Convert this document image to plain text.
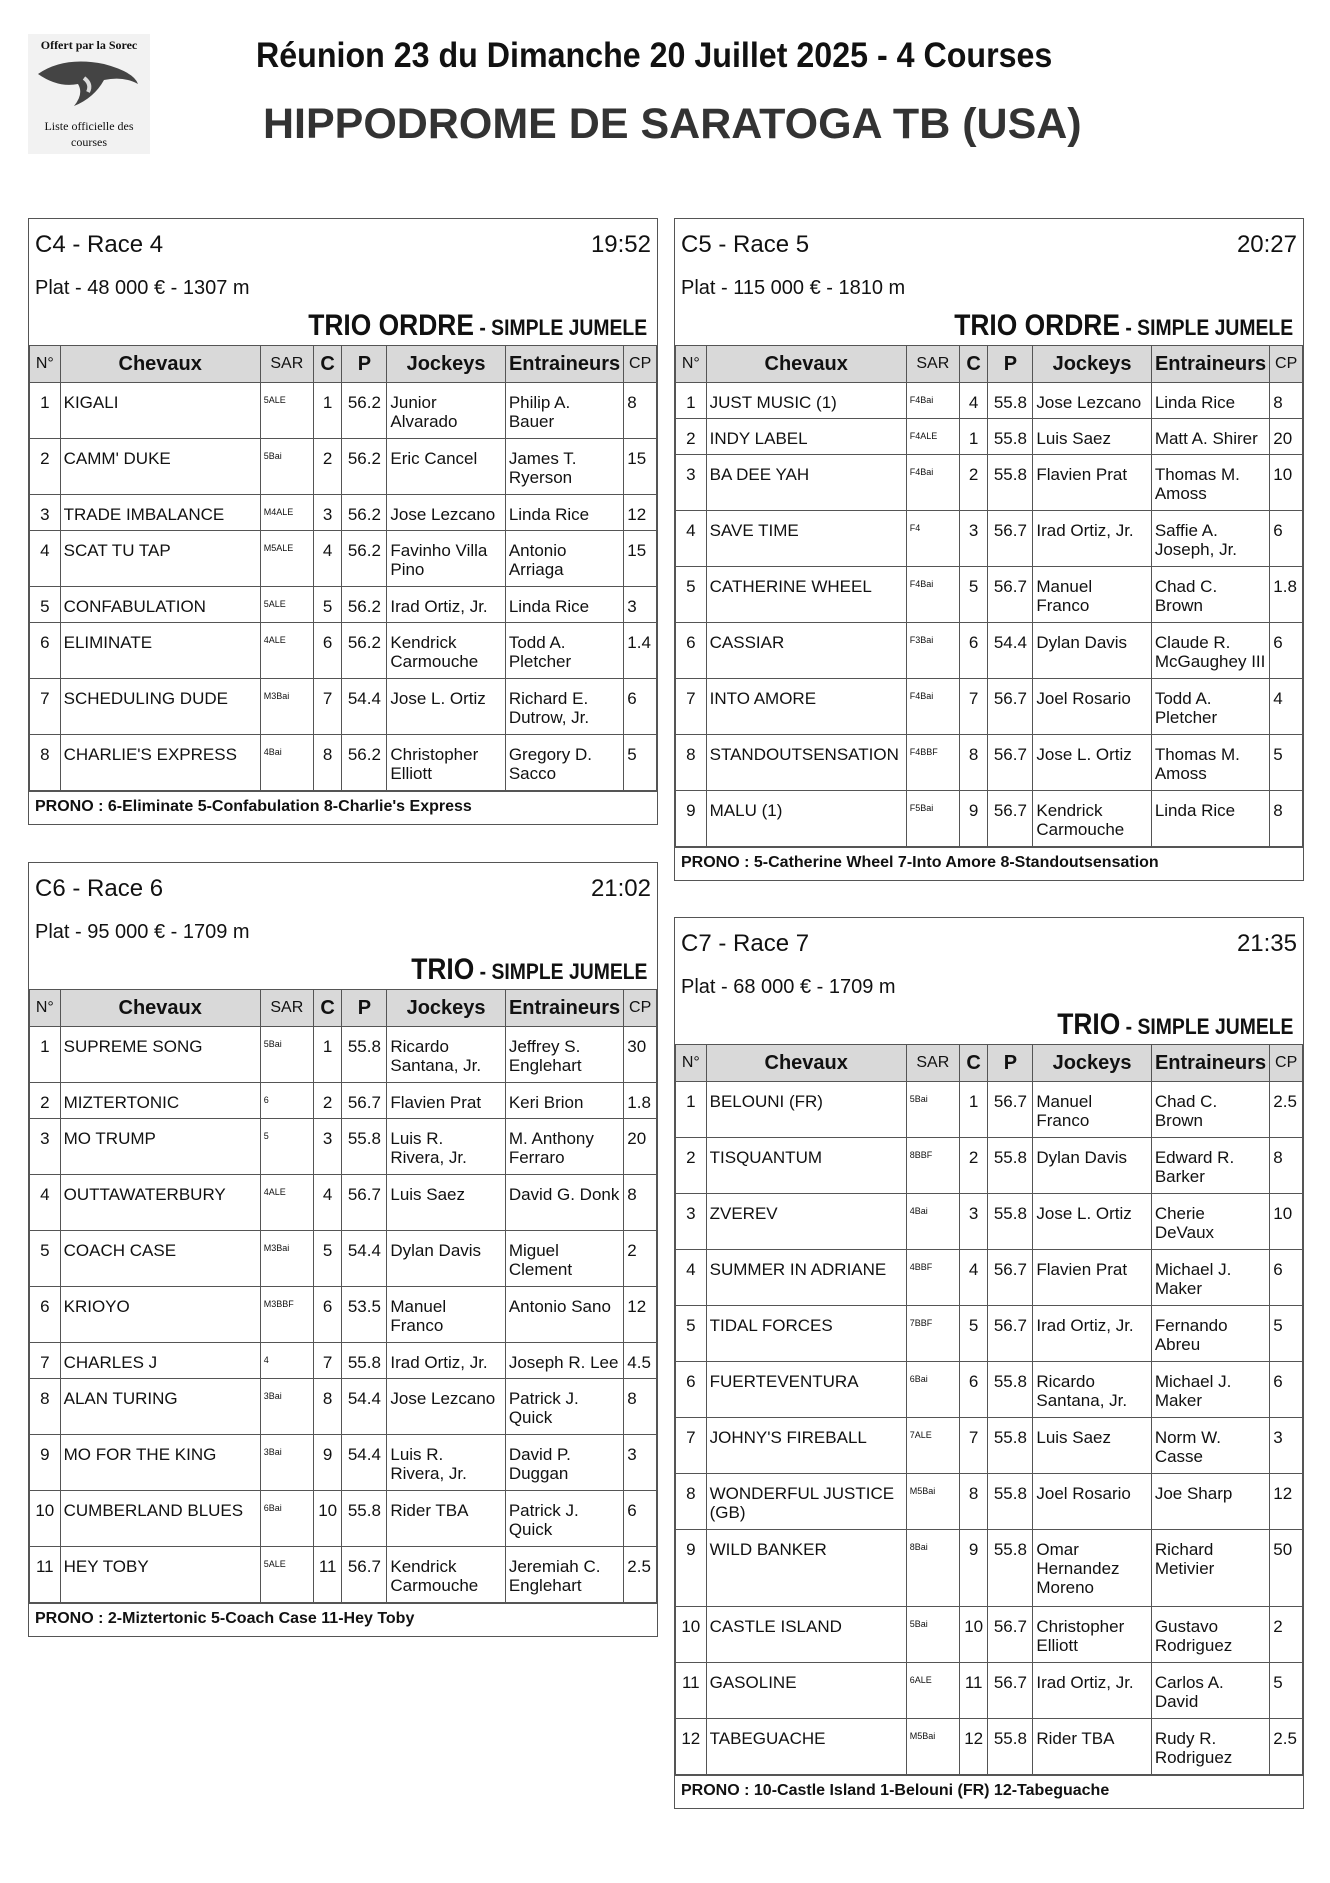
Offert par la Sorec
Liste officielle des courses
Réunion 23 du Dimanche 20 Juillet 2025 - 4 Courses
HIPPODROME DE SARATOGA TB (USA)
C4 - Race 4	19:52
Plat - 48 000 € - 1307 m
TRIO ORDRE - SIMPLE JUMELE
N°	Chevaux	SAR	C	P	Jockeys	Entraineurs	CP
1	KIGALI	5ALE	1	56.2	Junior Alvarado	Philip A. Bauer	8
2	CAMM' DUKE	5Bai	2	56.2	Eric Cancel	James T. Ryerson	15
3	TRADE IMBALANCE	M4ALE	3	56.2	Jose Lezcano	Linda Rice	12
4	SCAT TU TAP	M5ALE	4	56.2	Favinho Villa Pino	Antonio Arriaga	15
5	CONFABULATION	5ALE	5	56.2	Irad Ortiz, Jr.	Linda Rice	3
6	ELIMINATE	4ALE	6	56.2	Kendrick Carmouche	Todd A. Pletcher	1.4
7	SCHEDULING DUDE	M3Bai	7	54.4	Jose L. Ortiz	Richard E. Dutrow, Jr.	6
8	CHARLIE'S EXPRESS	4Bai	8	56.2	Christopher Elliott	Gregory D. Sacco	5
PRONO : 6-Eliminate 5-Confabulation 8-Charlie's Express
C5 - Race 5	20:27
Plat - 115 000 € - 1810 m
TRIO ORDRE - SIMPLE JUMELE
N°	Chevaux	SAR	C	P	Jockeys	Entraineurs	CP
1	JUST MUSIC (1)	F4Bai	4	55.8	Jose Lezcano	Linda Rice	8
2	INDY LABEL	F4ALE	1	55.8	Luis Saez	Matt A. Shirer	20
3	BA DEE YAH	F4Bai	2	55.8	Flavien Prat	Thomas M. Amoss	10
4	SAVE TIME	F4	3	56.7	Irad Ortiz, Jr.	Saffie A. Joseph, Jr.	6
5	CATHERINE WHEEL	F4Bai	5	56.7	Manuel Franco	Chad C. Brown	1.8
6	CASSIAR	F3Bai	6	54.4	Dylan Davis	Claude R. McGaughey III	6
7	INTO AMORE	F4Bai	7	56.7	Joel Rosario	Todd A. Pletcher	4
8	STANDOUTSENSATION	F4BBF	8	56.7	Jose L. Ortiz	Thomas M. Amoss	5
9	MALU (1)	F5Bai	9	56.7	Kendrick Carmouche	Linda Rice	8
PRONO : 5-Catherine Wheel 7-Into Amore 8-Standoutsensation
C6 - Race 6	21:02
Plat - 95 000 € - 1709 m
TRIO - SIMPLE JUMELE
N°	Chevaux	SAR	C	P	Jockeys	Entraineurs	CP
1	SUPREME SONG	5Bai	1	55.8	Ricardo Santana, Jr.	Jeffrey S. Englehart	30
2	MIZTERTONIC	6	2	56.7	Flavien Prat	Keri Brion	1.8
3	MO TRUMP	5	3	55.8	Luis R. Rivera, Jr.	M. Anthony Ferraro	20
4	OUTTAWATERBURY	4ALE	4	56.7	Luis Saez	David G. Donk	8
5	COACH CASE	M3Bai	5	54.4	Dylan Davis	Miguel Clement	2
6	KRIOYO	M3BBF	6	53.5	Manuel Franco	Antonio Sano	12
7	CHARLES J	4	7	55.8	Irad Ortiz, Jr.	Joseph R. Lee	4.5
8	ALAN TURING	3Bai	8	54.4	Jose Lezcano	Patrick J. Quick	8
9	MO FOR THE KING	3Bai	9	54.4	Luis R. Rivera, Jr.	David P. Duggan	3
10	CUMBERLAND BLUES	6Bai	10	55.8	Rider TBA	Patrick J. Quick	6
11	HEY TOBY	5ALE	11	56.7	Kendrick Carmouche	Jeremiah C. Englehart	2.5
PRONO : 2-Miztertonic 5-Coach Case 11-Hey Toby
C7 - Race 7	21:35
Plat - 68 000 € - 1709 m
TRIO - SIMPLE JUMELE
N°	Chevaux	SAR	C	P	Jockeys	Entraineurs	CP
1	BELOUNI (FR)	5Bai	1	56.7	Manuel Franco	Chad C. Brown	2.5
2	TISQUANTUM	8BBF	2	55.8	Dylan Davis	Edward R. Barker	8
3	ZVEREV	4Bai	3	55.8	Jose L. Ortiz	Cherie DeVaux	10
4	SUMMER IN ADRIANE	4BBF	4	56.7	Flavien Prat	Michael J. Maker	6
5	TIDAL FORCES	7BBF	5	56.7	Irad Ortiz, Jr.	Fernando Abreu	5
6	FUERTEVENTURA	6Bai	6	55.8	Ricardo Santana, Jr.	Michael J. Maker	6
7	JOHNY'S FIREBALL	7ALE	7	55.8	Luis Saez	Norm W. Casse	3
8	WONDERFUL JUSTICE (GB)	M5Bai	8	55.8	Joel Rosario	Joe Sharp	12
9	WILD BANKER	8Bai	9	55.8	Omar Hernandez Moreno	Richard Metivier	50
10	CASTLE ISLAND	5Bai	10	56.7	Christopher Elliott	Gustavo Rodriguez	2
11	GASOLINE	6ALE	11	56.7	Irad Ortiz, Jr.	Carlos A. David	5
12	TABEGUACHE	M5Bai	12	55.8	Rider TBA	Rudy R. Rodriguez	2.5
PRONO : 10-Castle Island 1-Belouni (FR) 12-Tabeguache
